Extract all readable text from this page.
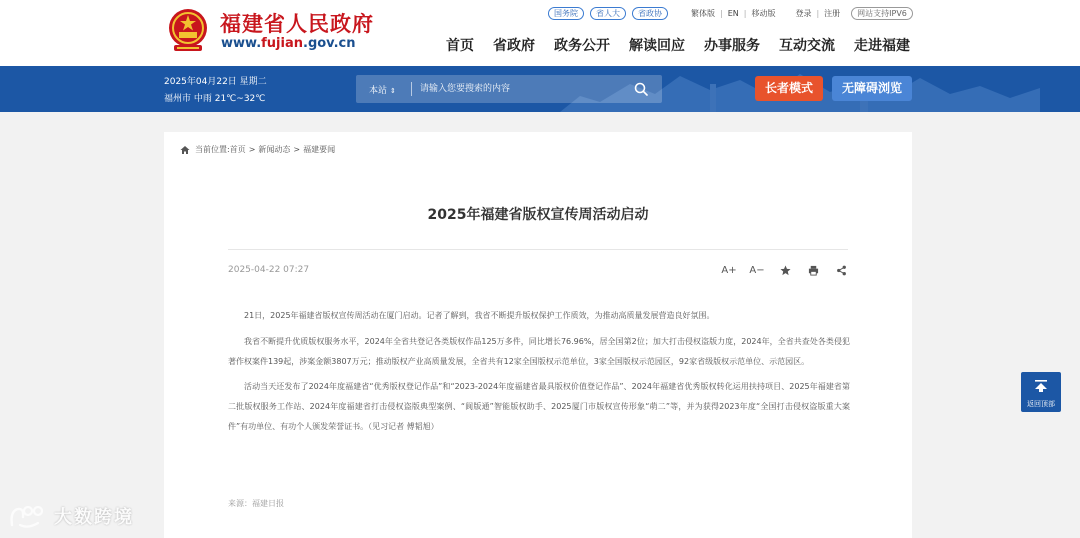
福建省人民政府
www.fujian.gov.cn
国务院	省人大	省政协	繁体版 | EN | 移动版	登录 | 注册	网站支持IPV6
首页 省政府 政务公开 解读回应 办事服务 互动交流 走进福建
2025年04月22日 星期二
福州市 中雨 21℃~32℃
本站 ⇕
请输入您要搜索的内容	长者模式	无障碍浏览
当前位置: 首页 > 新闻动态 > 福建要闻
2025年福建省版权宣传周活动启动
2025-04-22 07:27	A+	A−

21日，2025年福建省版权宣传周活动在厦门启动。记者了解到，我省不断提升版权保护工作质效，为推动高质量发展营造良好氛围。

我省不断提升优质版权服务水平，2024年全省共登记各类版权作品125万多件，同比增长76.96%，居全国第2位；加大打击侵权盗版力度，2024年，全省共查处各类侵犯著作权案件139起，涉案金额3807万元；推动版权产业高质量发展，全省共有12家全国版权示范单位，3家全国版权示范园区，92家省级版权示范单位、示范园区。

活动当天还发布了2024年度福建省“优秀版权登记作品”和“2023-2024年度福建省最具版权价值登记作品”、2024年福建省优秀版权转化运用扶持项目、2025年福建省第二批版权服务工作站、2024年度福建省打击侵权盗版典型案例、“阆版通”智能版权助手、2025厦门市版权宣传形象“萌二”等，并为获得2023年度“全国打击侵权盗版重大案件”有功单位、有功个人颁发荣誉证书。（见习记者 傅韬旭）

来源：福建日报
返回顶部
大数跨境
